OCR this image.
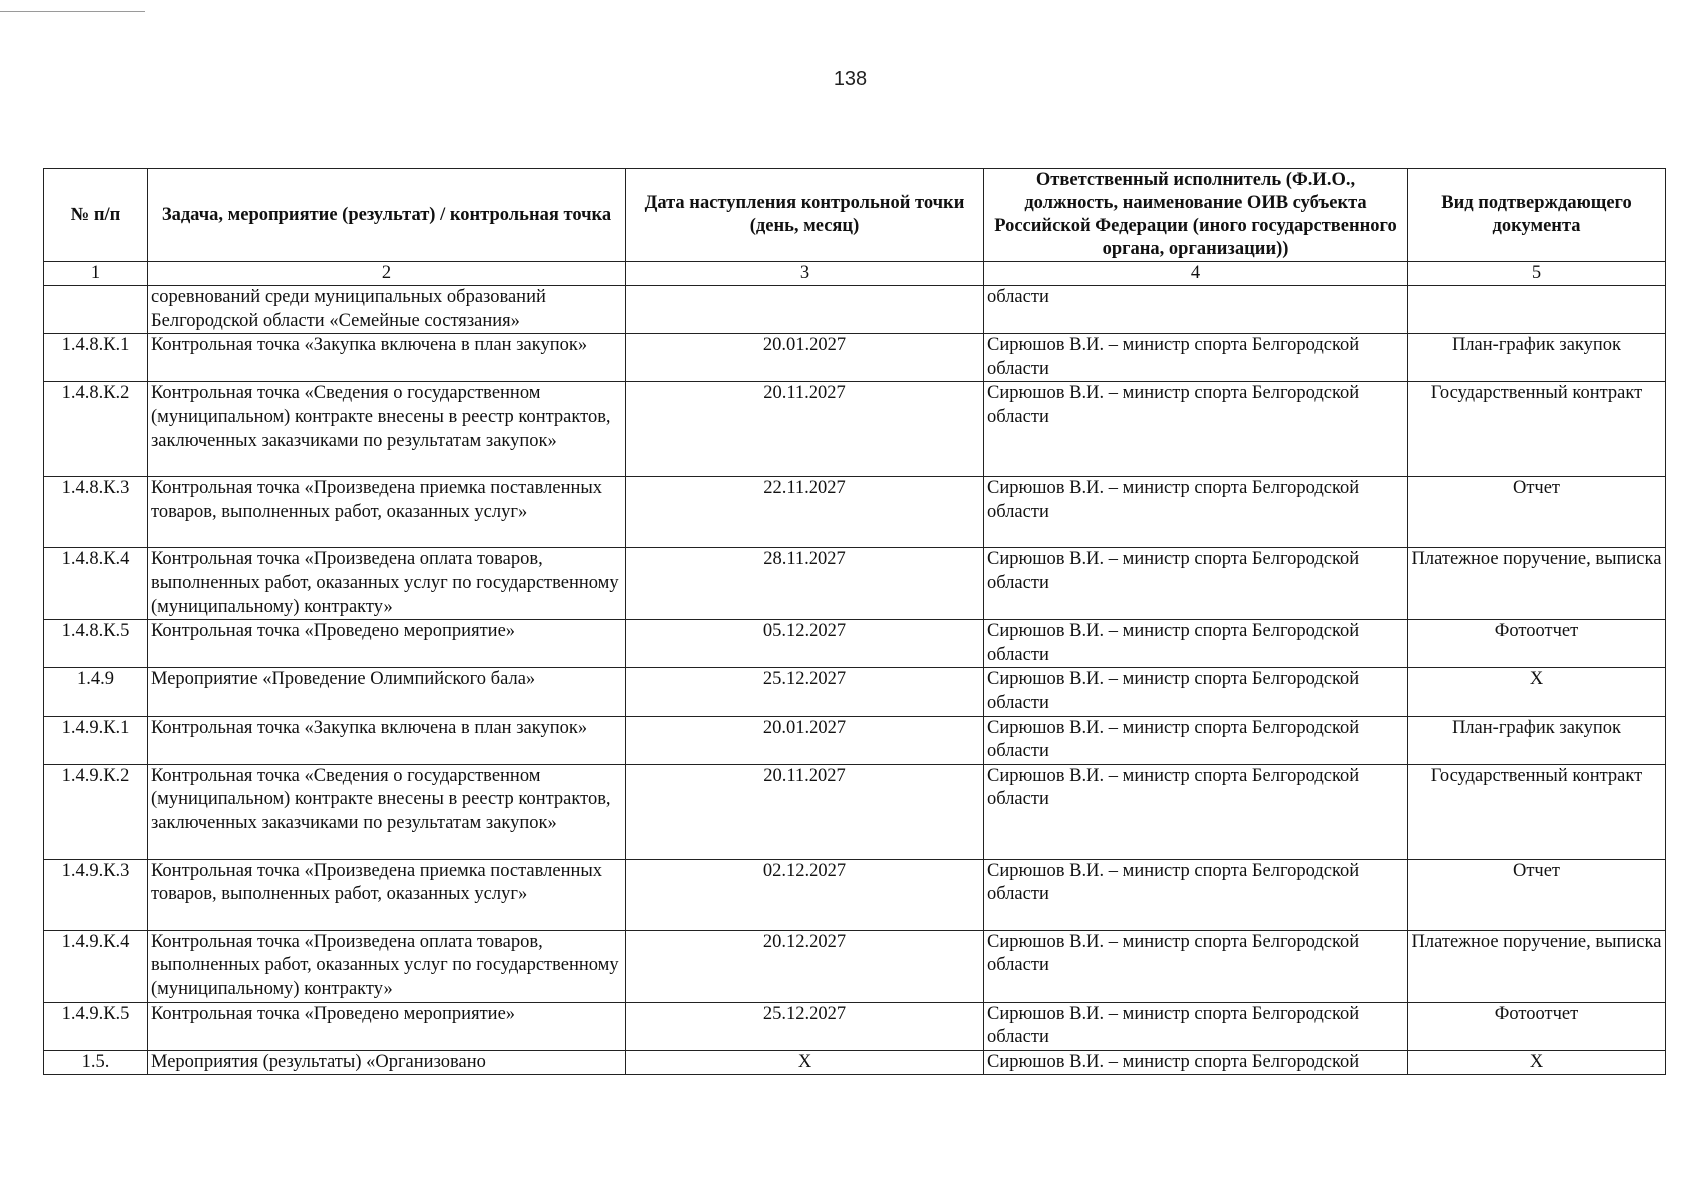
138
№ п/п	Задача, мероприятие (результат) / контрольная точка	Дата наступления контрольной точки (день, месяц)	Ответственный исполнитель (Ф.И.О., должность, наименование ОИВ субъекта Российской Федерации (иного государственного органа, организации))	Вид подтверждающего документа
1	2	3	4	5
	соревнований среди муниципальных образований Белгородской области «Семейные состязания»		области	
1.4.8.К.1	Контрольная точка «Закупка включена в план закупок»	20.01.2027	Сирюшов В.И. – министр спорта Белгородской области	План-график закупок
1.4.8.К.2	Контрольная точка «Сведения о государственном (муниципальном) контракте внесены в реестр контрактов, заключенных заказчиками по результатам закупок»	20.11.2027	Сирюшов В.И. – министр спорта Белгородской области	Государственный контракт
1.4.8.К.3	Контрольная точка «Произведена приемка поставленных товаров, выполненных работ, оказанных услуг»	22.11.2027	Сирюшов В.И. – министр спорта Белгородской области	Отчет
1.4.8.К.4	Контрольная точка «Произведена оплата товаров, выполненных работ, оказанных услуг по государственному (муниципальному) контракту»	28.11.2027	Сирюшов В.И. – министр спорта Белгородской области	Платежное поручение, выписка
1.4.8.К.5	Контрольная точка «Проведено мероприятие»	05.12.2027	Сирюшов В.И. – министр спорта Белгородской области	Фотоотчет
1.4.9	Мероприятие «Проведение Олимпийского бала»	25.12.2027	Сирюшов В.И. – министр спорта Белгородской области	Х
1.4.9.К.1	Контрольная точка «Закупка включена в план закупок»	20.01.2027	Сирюшов В.И. – министр спорта Белгородской области	План-график закупок
1.4.9.К.2	Контрольная точка «Сведения о государственном (муниципальном) контракте внесены в реестр контрактов, заключенных заказчиками по результатам закупок»	20.11.2027	Сирюшов В.И. – министр спорта Белгородской области	Государственный контракт
1.4.9.К.3	Контрольная точка «Произведена приемка поставленных товаров, выполненных работ, оказанных услуг»	02.12.2027	Сирюшов В.И. – министр спорта Белгородской области	Отчет
1.4.9.К.4	Контрольная точка «Произведена оплата товаров, выполненных работ, оказанных услуг по государственному (муниципальному) контракту»	20.12.2027	Сирюшов В.И. – министр спорта Белгородской области	Платежное поручение, выписка
1.4.9.К.5	Контрольная точка «Проведено мероприятие»	25.12.2027	Сирюшов В.И. – министр спорта Белгородской области	Фотоотчет
1.5.	Мероприятия (результаты) «Организовано	Х	Сирюшов В.И. – министр спорта Белгородской	Х
